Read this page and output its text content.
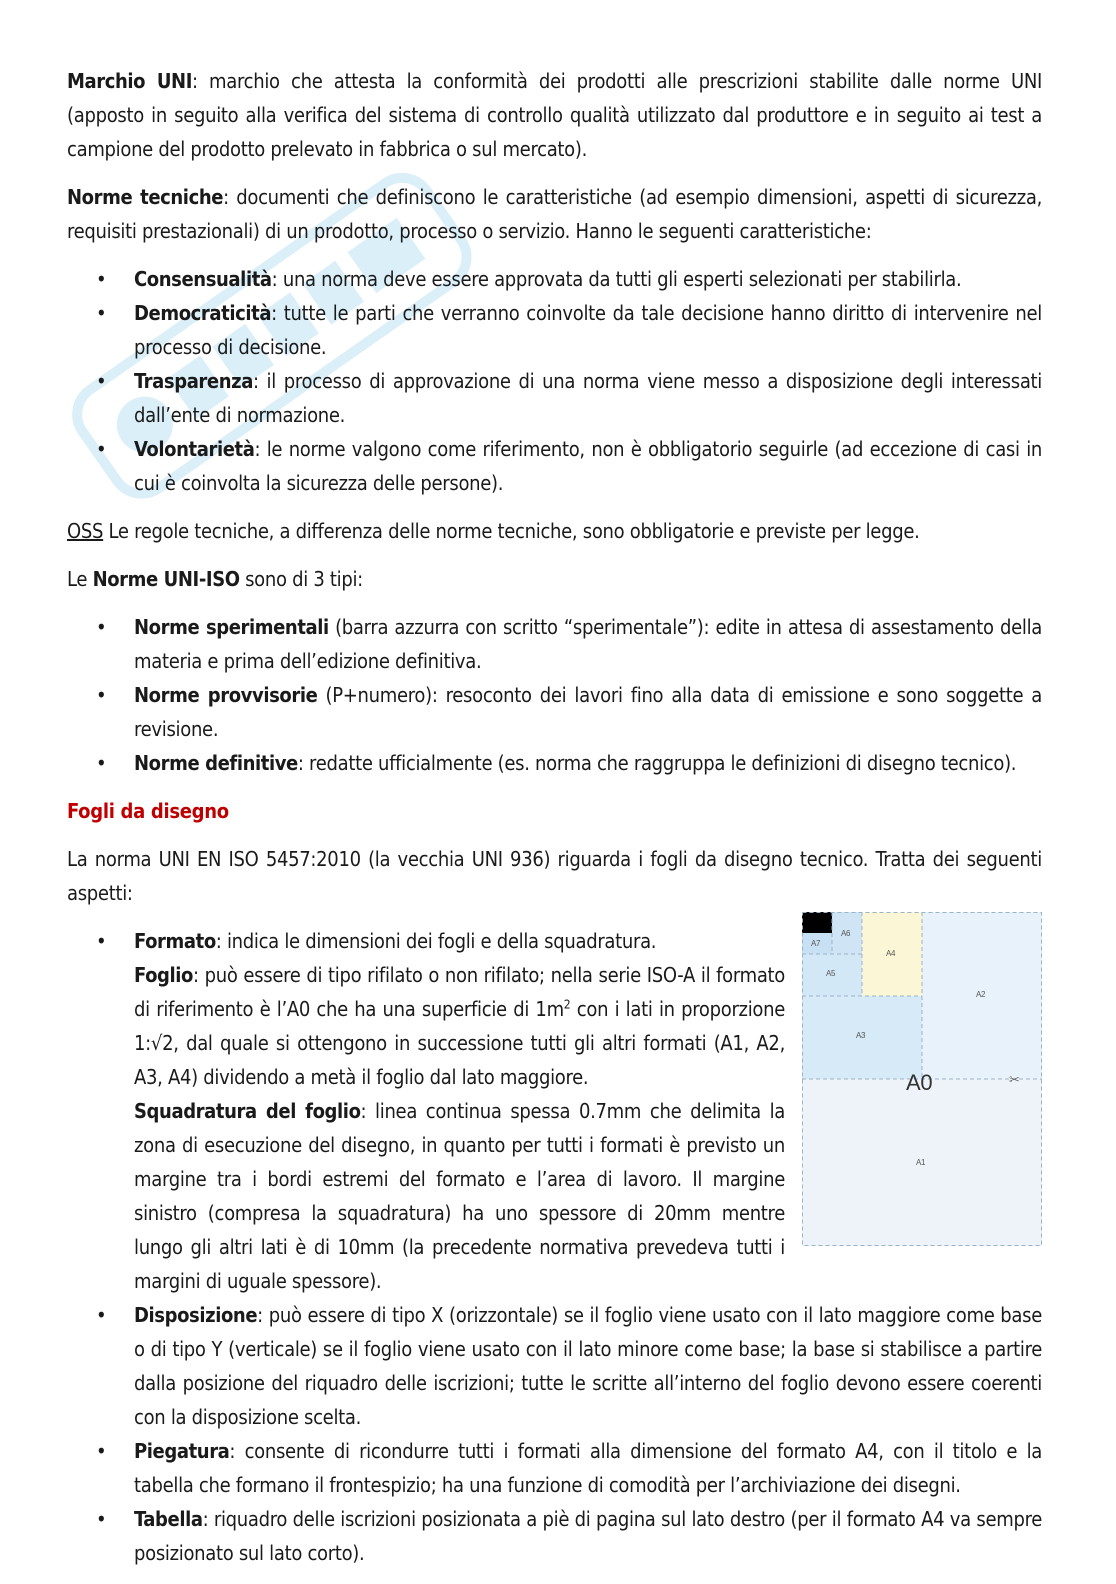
Marchio UNI: marchio che attesta la conformità dei prodotti alle prescrizioni stabilite dalle norme UNI (apposto in seguito alla verifica del sistema di controllo qualità utilizzato dal produttore e in seguito ai test a campione del prodotto prelevato in fabbrica o sul mercato).

Norme tecniche: documenti che definiscono le caratteristiche (ad esempio dimensioni, aspetti di sicurezza, requisiti prestazionali) di un prodotto, processo o servizio. Hanno le seguenti caratteristiche:

• Consensualità: una norma deve essere approvata da tutti gli esperti selezionati per stabilirla.
• Democraticità: tutte le parti che verranno coinvolte da tale decisione hanno diritto di intervenire nel processo di decisione.
• Trasparenza: il processo di approvazione di una norma viene messo a disposizione degli interessati dall’ente di normazione.
• Volontarietà: le norme valgono come riferimento, non è obbligatorio seguirle (ad eccezione di casi in cui è coinvolta la sicurezza delle persone).

OSS Le regole tecniche, a differenza delle norme tecniche, sono obbligatorie e previste per legge.

Le Norme UNI-ISO sono di 3 tipi:

• Norme sperimentali (barra azzurra con scritto “sperimentale”): edite in attesa di assestamento della materia e prima dell’edizione definitiva.
• Norme provvisorie (P+numero): resoconto dei lavori fino alla data di emissione e sono soggette a revisione.
• Norme definitive: redatte ufficialmente (es. norma che raggruppa le definizioni di disegno tecnico).
Fogli da disegno

La norma UNI EN ISO 5457:2010 (la vecchia UNI 936) riguarda i fogli da disegno tecnico. Tratta dei seguenti aspetti:

• Formato: indica le dimensioni dei fogli e della squadratura.

Foglio: può essere di tipo rifilato o non rifilato; nella serie ISO-A il formato di riferimento è l’A0 che ha una superficie di $1m^2$ con i lati in proporzione 1:√2, dal quale si ottengono in successione tutti gli altri formati (A1, A2, A3, A4) dividendo a metà il foglio dal lato maggiore.

Squadratura del foglio: linea continua spessa 0.7mm che delimita la zona di esecuzione del disegno, in quanto per tutti i formati è previsto un margine tra i bordi estremi del formato e l’area di lavoro. Il margine sinistro (compresa la squadratura) ha uno spessore di 20mm mentre lungo gli altri lati è di 10mm (la precedente normativa prevedeva tutti i margini di uguale spessore).

A7
A6
A5
A4
A3
A2
A1
A0	✂
• Disposizione: può essere di tipo X (orizzontale) se il foglio viene usato con il lato maggiore come base o di tipo Y (verticale) se il foglio viene usato con il lato minore come base; la base si stabilisce a partire dalla posizione del riquadro delle iscrizioni; tutte le scritte all’interno del foglio devono essere coerenti con la disposizione scelta.
• Piegatura: consente di ricondurre tutti i formati alla dimensione del formato A4, con il titolo e la tabella che formano il frontespizio; ha una funzione di comodità per l’archiviazione dei disegni.
• Tabella: riquadro delle iscrizioni posizionata a piè di pagina sul lato destro (per il formato A4 va sempre posizionato sul lato corto).
